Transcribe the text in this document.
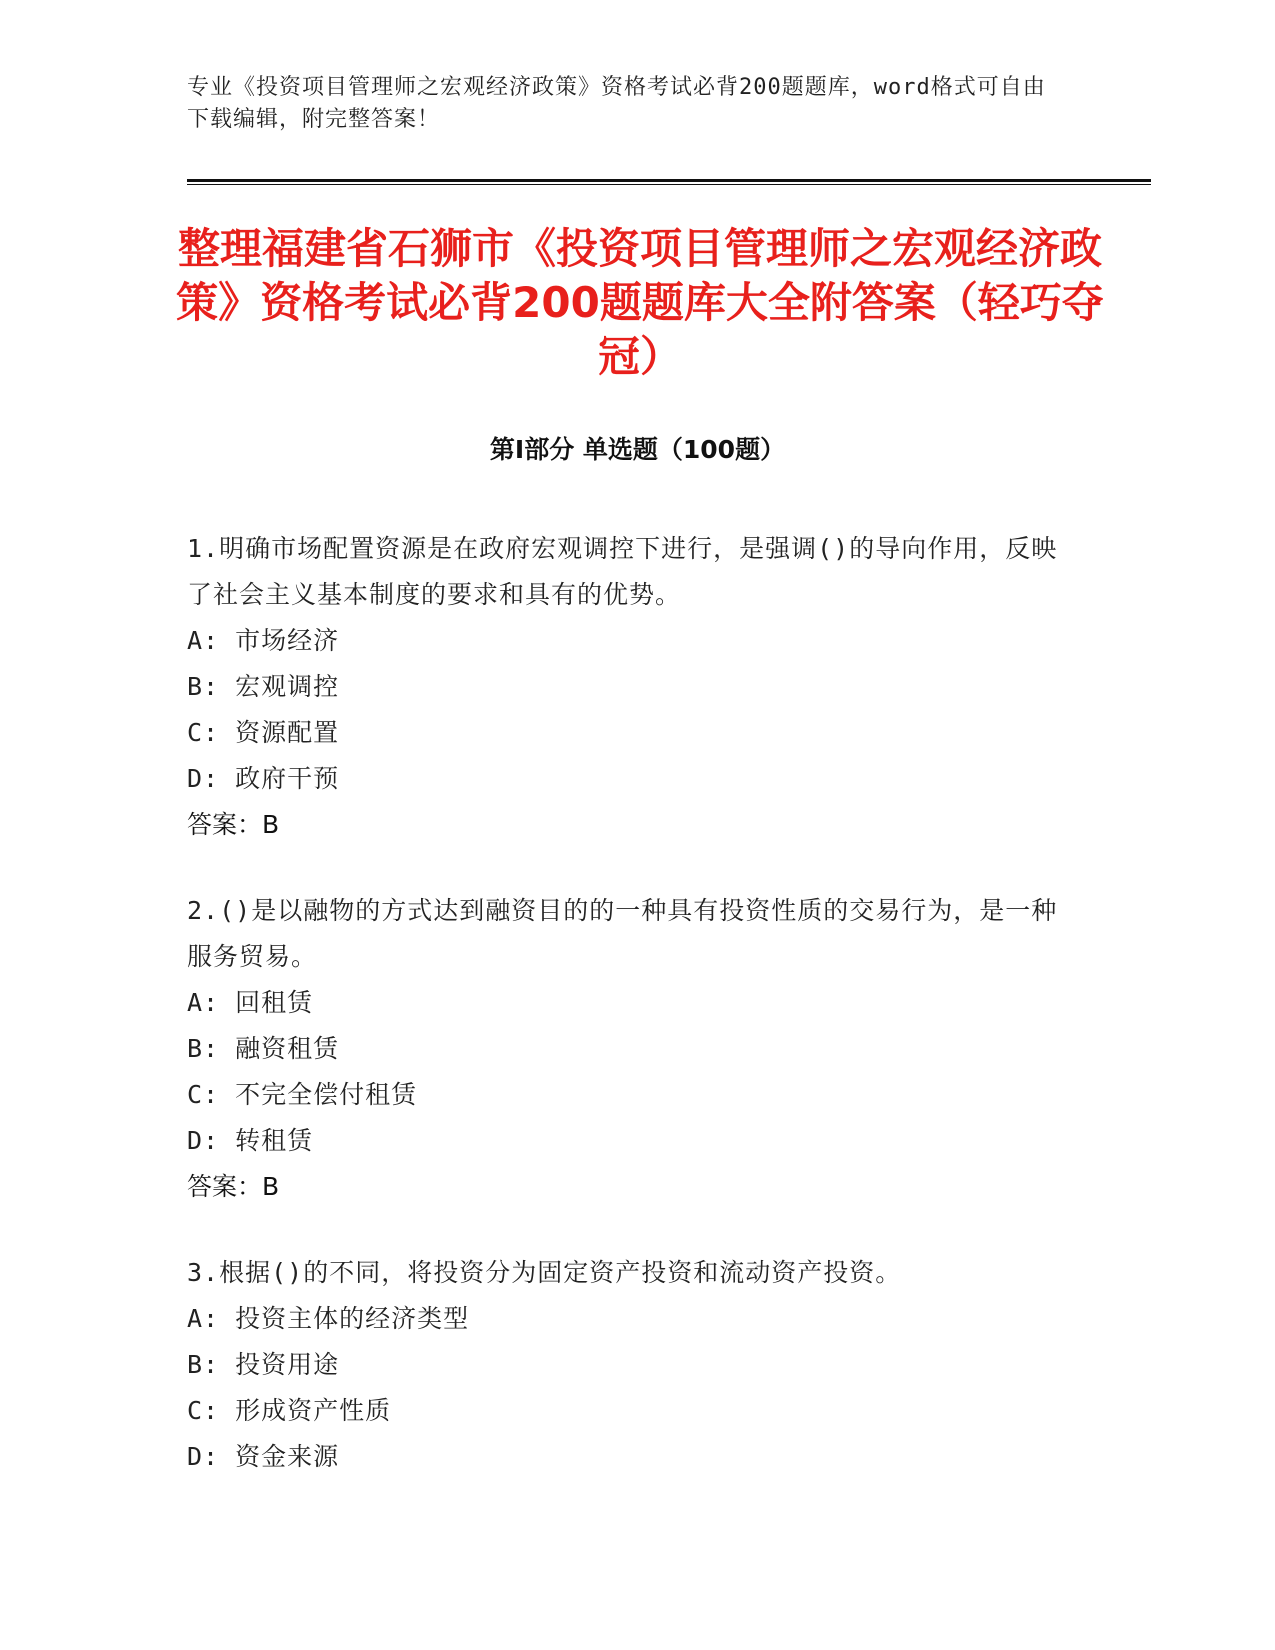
专业《投资项目管理师之宏观经济政策》资格考试必背200题题库，word格式可自由下载编辑，附完整答案！
整理福建省石狮市《投资项目管理师之宏观经济政策》资格考试必背200题题库大全附答案（轻巧夺冠）
第I部分 单选题（100题）

1.明确市场配置资源是在政府宏观调控下进行，是强调()的导向作用，反映了社会主义基本制度的要求和具有的优势。

A: 市场经济

B: 宏观调控

C: 资源配置

D: 政府干预

答案：B

2.()是以融物的方式达到融资目的的一种具有投资性质的交易行为，是一种服务贸易。

A: 回租赁

B: 融资租赁

C: 不完全偿付租赁

D: 转租赁

答案：B

3.根据()的不同，将投资分为固定资产投资和流动资产投资。

A: 投资主体的经济类型

B: 投资用途

C: 形成资产性质

D: 资金来源
